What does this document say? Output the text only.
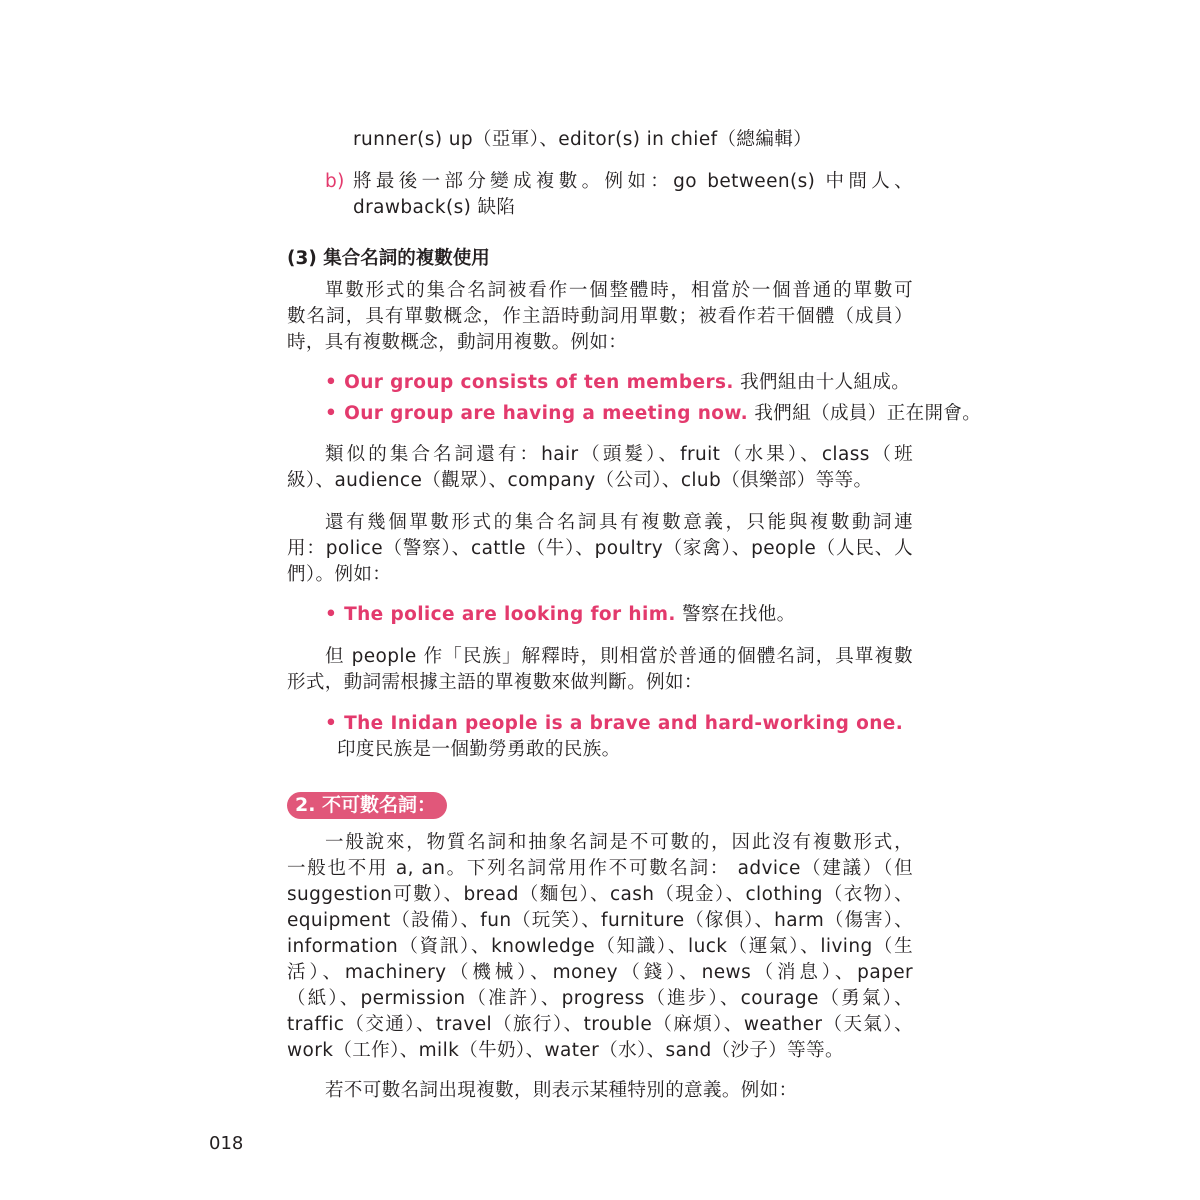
runner(s) up（亞軍）、editor(s) in chief（總編輯）
b) 將最後一部分變成複數。例如：go between(s) 中間人、
drawback(s) 缺陷
(3) 集合名詞的複數使用
單數形式的集合名詞被看作一個整體時，相當於一個普通的單數可
數名詞，具有單數概念，作主語時動詞用單數；被看作若干個體（成員）
時，具有複數概念，動詞用複數。例如：
• Our group consists of ten members. 我們組由十人組成。
• Our group are having a meeting now. 我們組（成員）正在開會。
類似的集合名詞還有：hair（頭髮）、fruit（水果）、class（班
級）、audience（觀眾）、company（公司）、club（俱樂部）等等。
還有幾個單數形式的集合名詞具有複數意義，只能與複數動詞連
用：police（警察）、cattle（牛）、poultry（家禽）、people（人民、人
們）。例如：
• The police are looking for him. 警察在找他。
但 people 作「民族」解釋時，則相當於普通的個體名詞，具單複數
形式，動詞需根據主語的單複數來做判斷。例如：
• The Inidan people is a brave and hard-working one.
印度民族是一個勤勞勇敢的民族。
2. 不可數名詞：
一般說來，物質名詞和抽象名詞是不可數的，因此沒有複數形式，
一般也不用 a, an。下列名詞常用作不可數名詞： advice（建議）（但
suggestion可數）、bread（麵包）、cash（現金）、clothing（衣物）、
equipment（設備）、fun（玩笑）、furniture（傢俱）、harm（傷害）、
information（資訊）、knowledge（知識）、luck（運氣）、living（生
活）、machinery（機械）、money（錢）、news（消息）、paper
（紙）、permission（准許）、progress（進步）、courage（勇氣）、
traffic（交通）、travel（旅行）、trouble（麻煩）、weather（天氣）、
work（工作）、milk（牛奶）、water（水）、sand（沙子）等等。
若不可數名詞出現複數，則表示某種特別的意義。例如：
018
